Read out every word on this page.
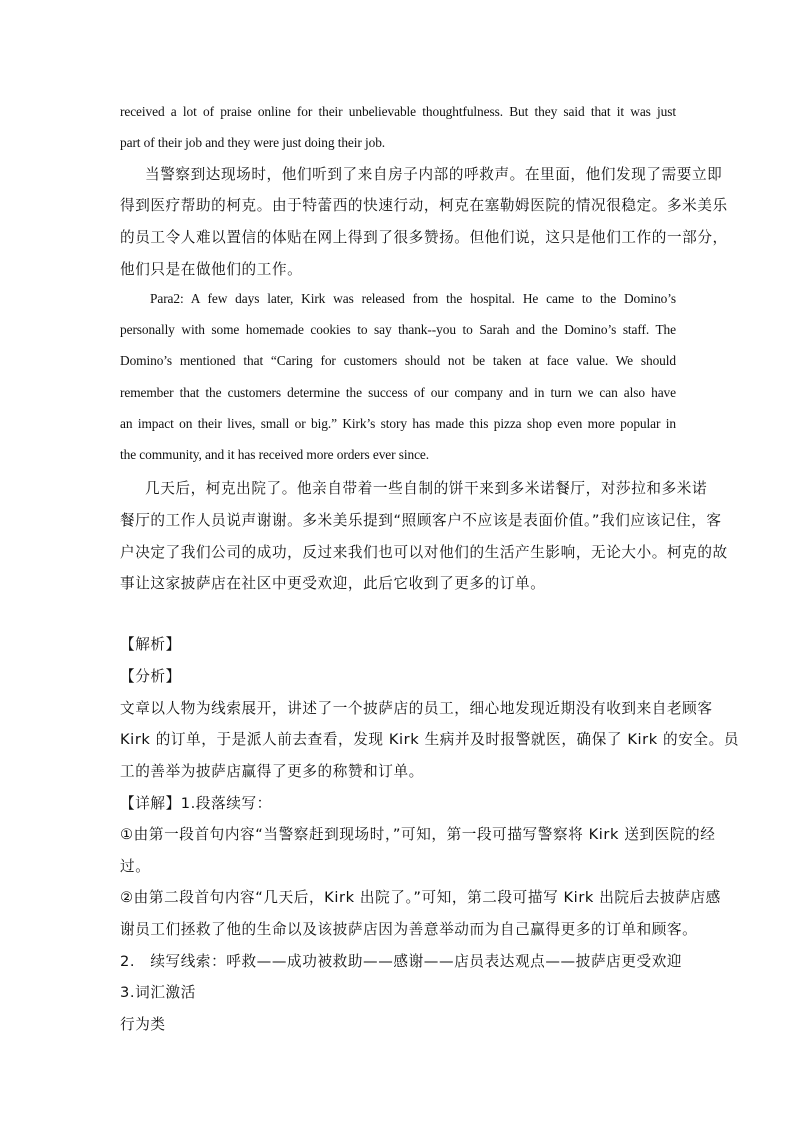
received a lot of praise online for their unbelievable thoughtfulness. But they said that it was just
part of their job and they were just doing their job.
当警察到达现场时，他们听到了来自房子内部的呼救声。在里面，他们发现了需要立即
得到医疗帮助的柯克。由于特蕾西的快速行动，柯克在塞勒姆医院的情况很稳定。多米美乐
的员工令人难以置信的体贴在网上得到了很多赞扬。但他们说，这只是他们工作的一部分，
他们只是在做他们的工作。
Para2: A few days later, Kirk was released from the hospital. He came to the Domino’s
personally with some homemade cookies to say thank--you to Sarah and the Domino’s staff. The
Domino’s mentioned that “Caring for customers should not be taken at face value. We should
remember that the customers determine the success of our company and in turn we can also have
an impact on their lives, small or big.” Kirk’s story has made this pizza shop even more popular in
the community, and it has received more orders ever since.
几天后，柯克出院了。他亲自带着一些自制的饼干来到多米诺餐厅，对莎拉和多米诺
餐厅的工作人员说声谢谢。多米美乐提到“照顾客户不应该是表面价值。”我们应该记住，客
户决定了我们公司的成功，反过来我们也可以对他们的生活产生影响，无论大小。柯克的故
事让这家披萨店在社区中更受欢迎，此后它收到了更多的订单。
【解析】
【分析】
文章以人物为线索展开，讲述了一个披萨店的员工，细心地发现近期没有收到来自老顾客
Kirk 的订单，于是派人前去查看，发现 Kirk 生病并及时报警就医，确保了 Kirk 的安全。员
工的善举为披萨店赢得了更多的称赞和订单。
【详解】1.段落续写：
①由第一段首句内容“当警察赶到现场时，”可知，第一段可描写警察将 Kirk 送到医院的经
过。
②由第二段首句内容“几天后，Kirk 出院了。”可知，第二段可描写 Kirk 出院后去披萨店感
谢员工们拯救了他的生命以及该披萨店因为善意举动而为自己赢得更多的订单和顾客。
2.　续写线索：呼救——成功被救助——感谢——店员表达观点——披萨店更受欢迎
3.词汇激活
行为类
